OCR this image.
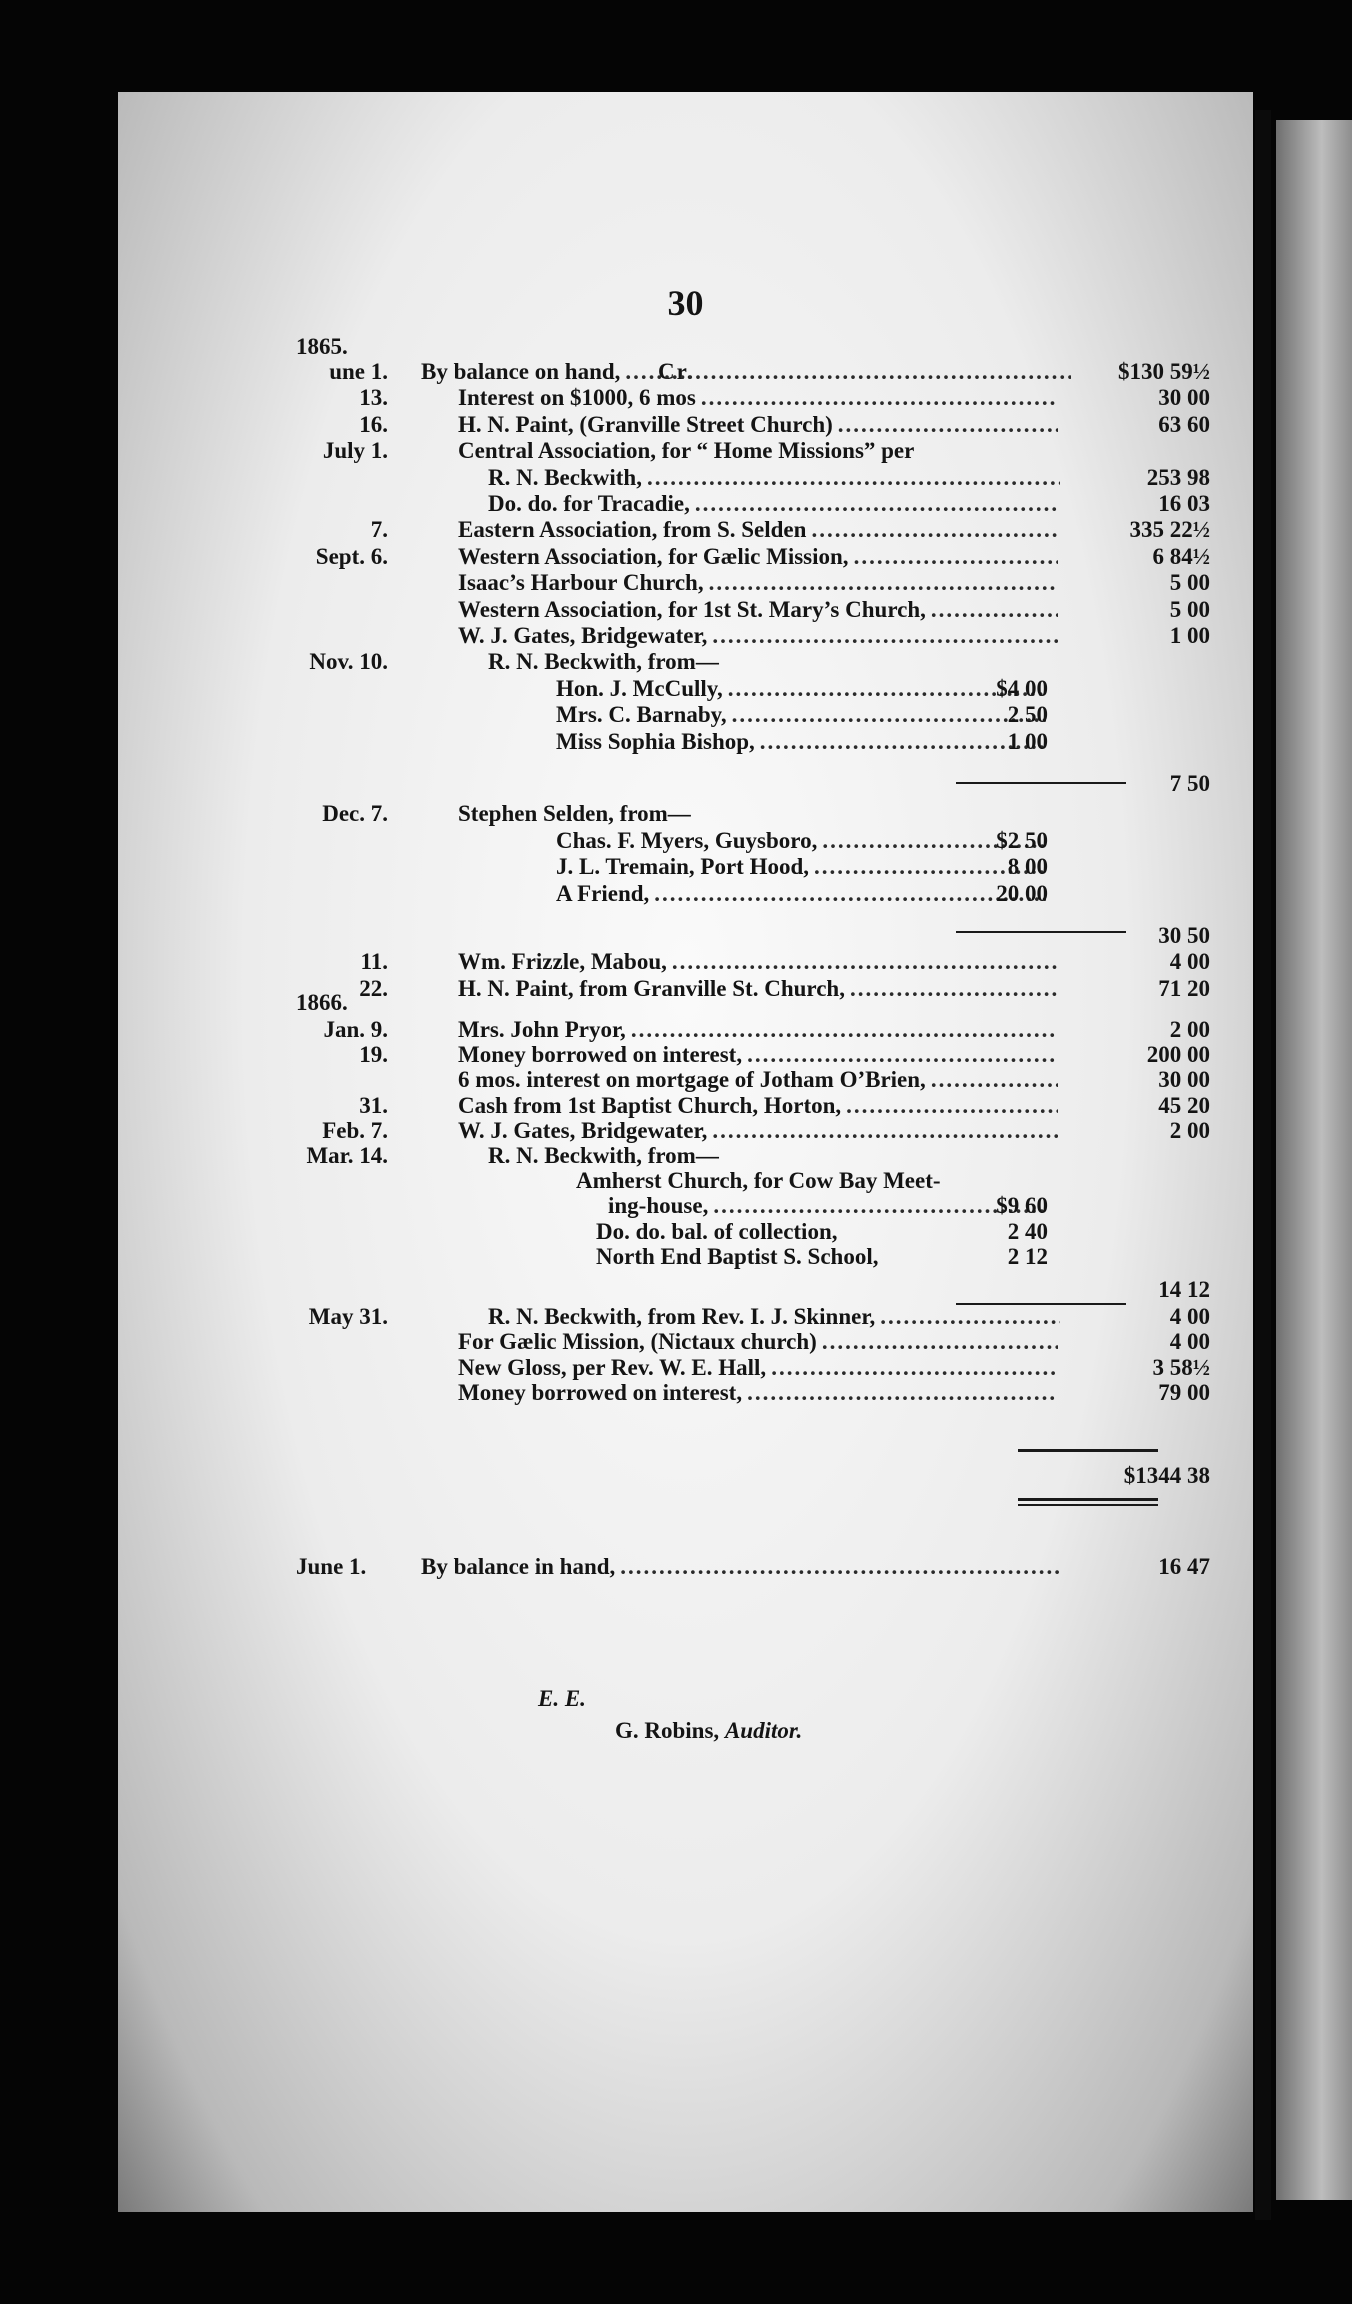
30
Cr.
1865.
une 1. By balance on hand, .....	$130 59½
13.	Interest on $1000, 6 mos .....	30 00
16.	H. N. Paint, (Granville Street Church) .....	63 60
July 1.	Central Association, for “ Home Missions” per
R. N. Beckwith, .....	253 98
Do. do. for Tracadie, .....	16 03
7.	Eastern Association, from S. Selden .....	335 22½
Sept. 6.	Western Association, for Gælic Mission, .....	6 84½
Isaac’s Harbour Church, .....	5 00
Western Association, for 1st St. Mary’s Church, .....	5 00
W. J. Gates, Bridgewater, .....	1 00
Nov. 10.	R. N. Beckwith, from—
Hon. J. McCully, .....	$4 00
Mrs. C. Barnaby, .....	2 50
Miss Sophia Bishop, .....	1 00
7 50
Dec. 7.	Stephen Selden, from—
Chas. F. Myers, Guysboro, .....	$2 50
J. L. Tremain, Port Hood, .....	8 00
A Friend, .....	20 00
30 50
11.	Wm. Frizzle, Mabou, .....	4 00
22.	H. N. Paint, from Granville St. Church, .....	71 20
1866.
Jan. 9.	Mrs. John Pryor, .....	2 00
19.	Money borrowed on interest, .....	200 00
6 mos. interest on mortgage of Jotham O’Brien, .....	30 00
31.	Cash from 1st Baptist Church, Horton, .....	45 20
Feb. 7.	W. J. Gates, Bridgewater, .....	2 00
Mar. 14.	R. N. Beckwith, from—
Amherst Church, for Cow Bay Meet-
ing-house, .....	$9 60
Do. do. bal. of collection,	2 40
North End Baptist S. School,	2 12
14 12
May 31.	R. N. Beckwith, from Rev. I. J. Skinner, .....	4 00
For Gælic Mission, (Nictaux church) .....	4 00
New Gloss, per Rev. W. E. Hall, .....	3 58½
Money borrowed on interest, .....	79 00
$1344 38
June 1.	By balance in hand, .....	16 47
E. E.
G. Robins, Auditor.
